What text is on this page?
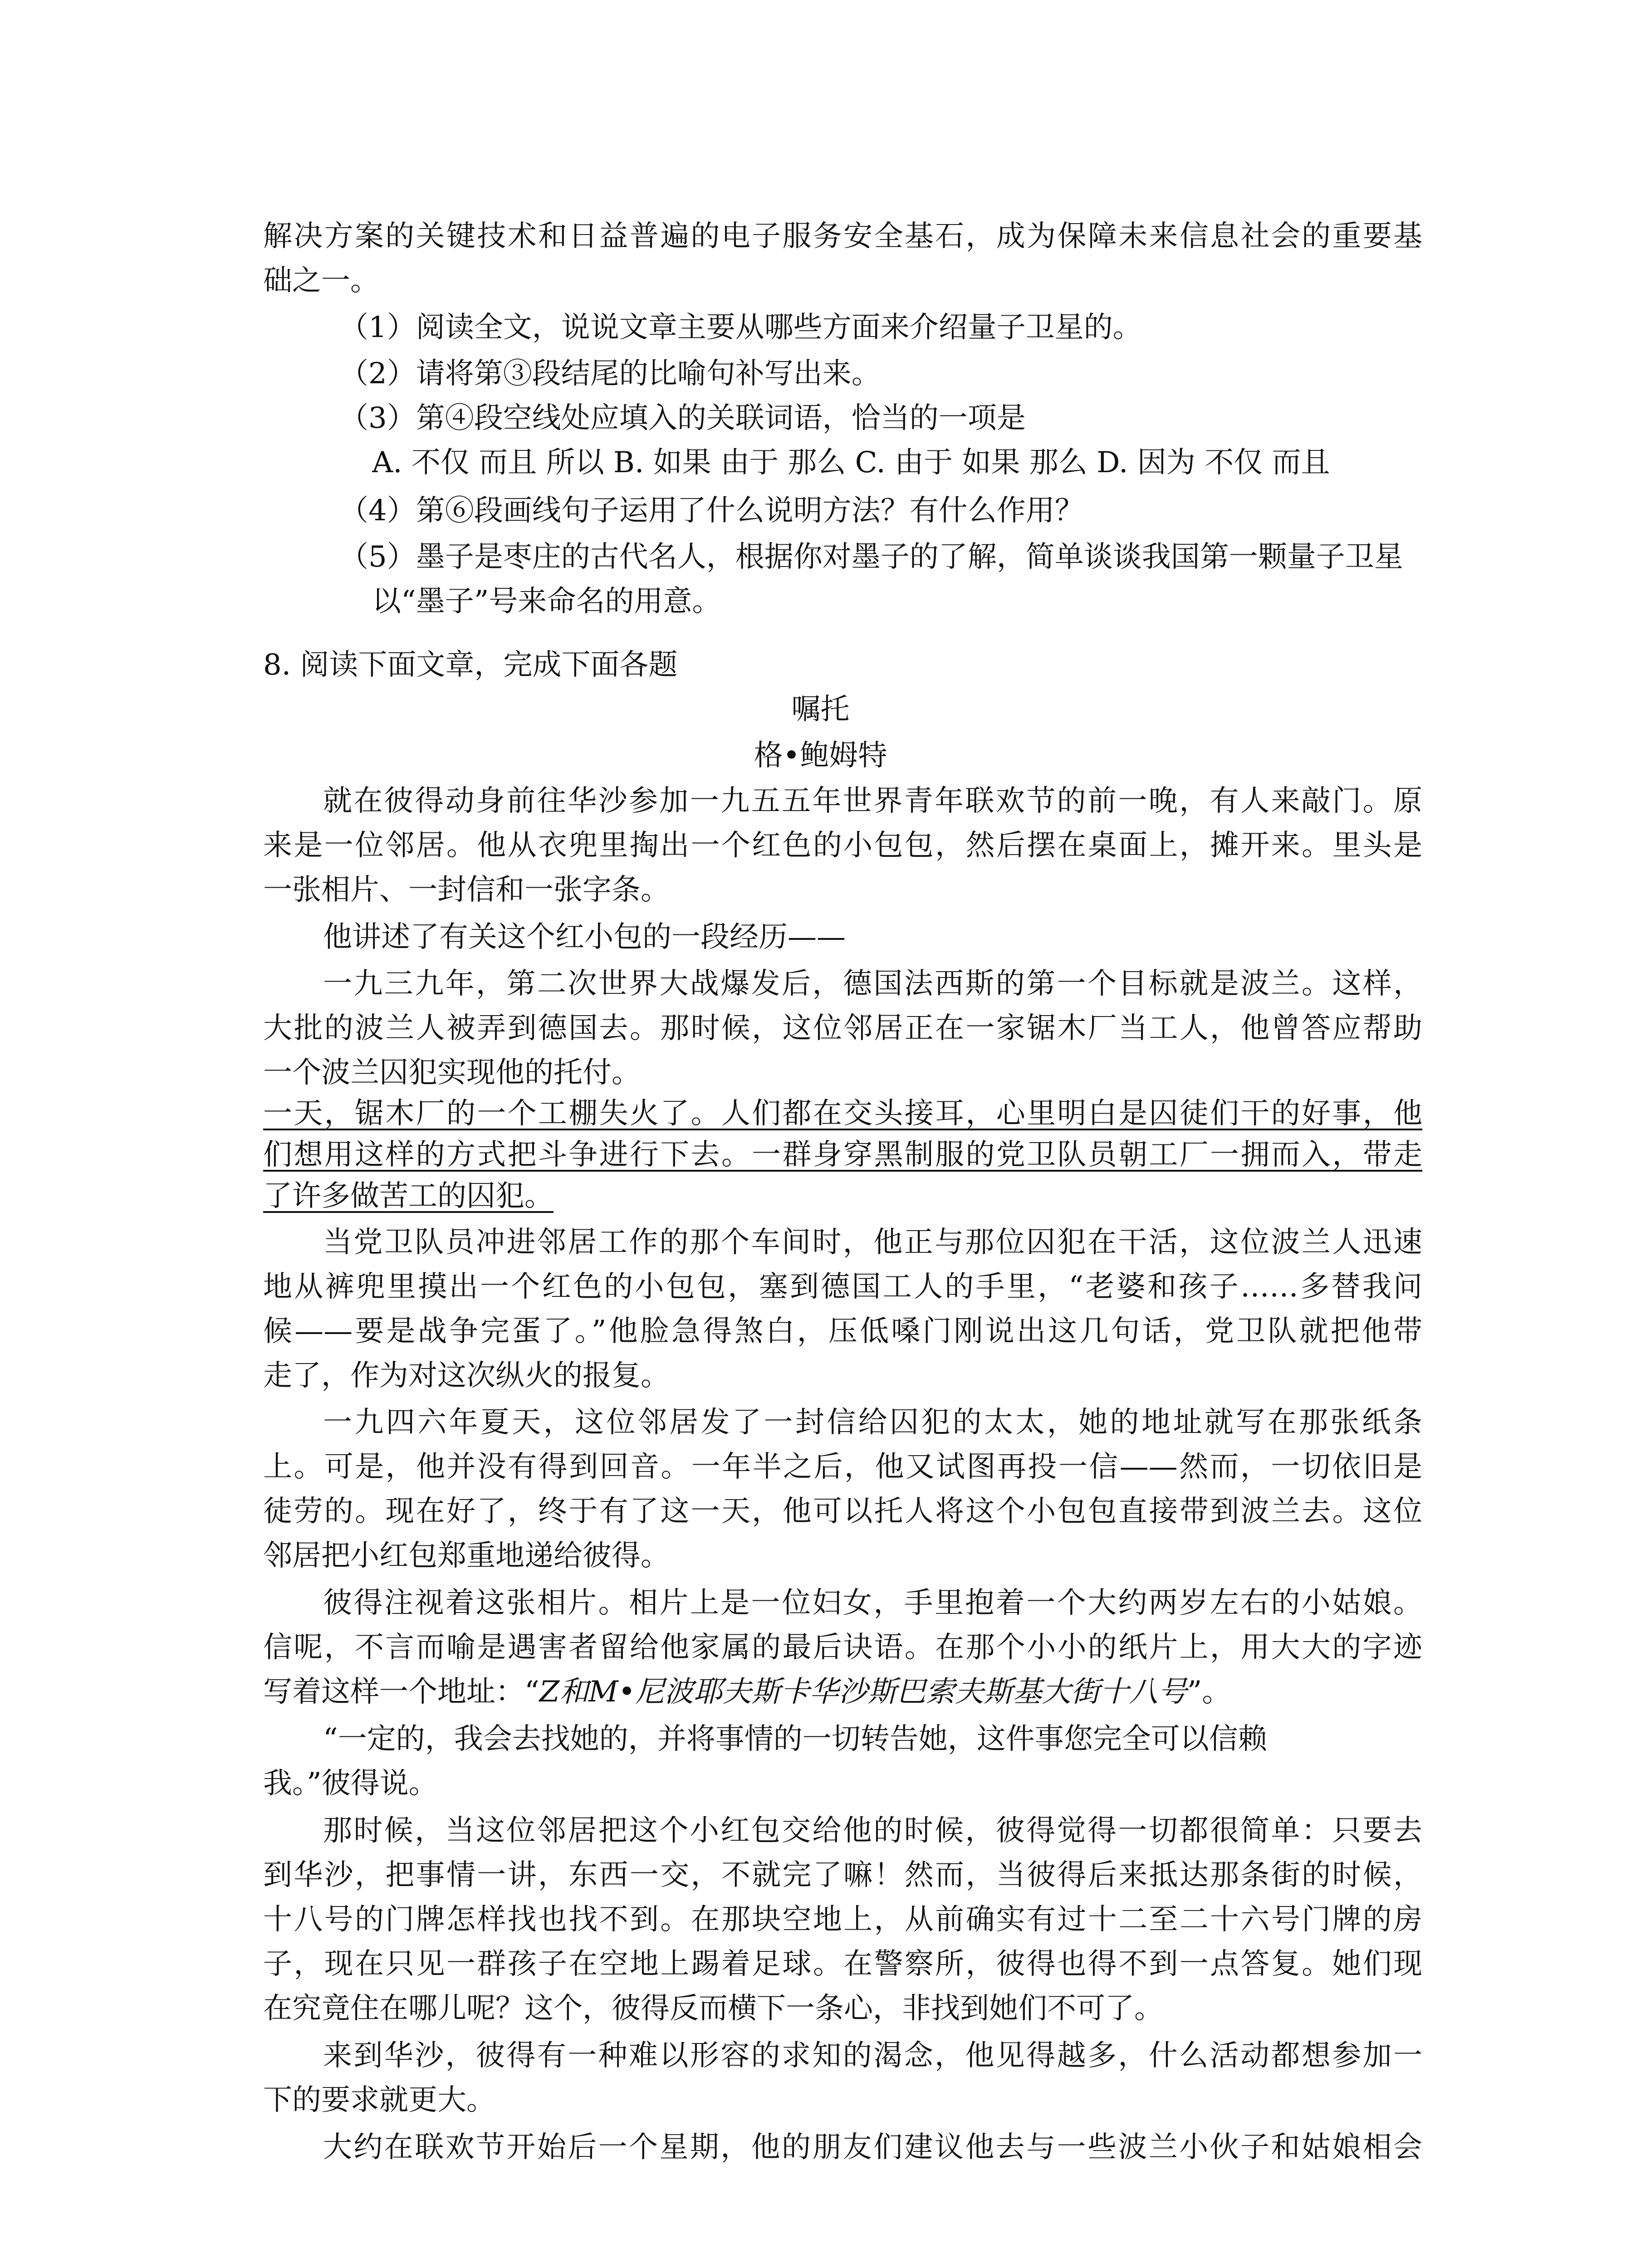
解决方案的关键技术和日益普遍的电子服务安全基石，成为保障未来信息社会的重要基
础之一。
（1）阅读全文，说说文章主要从哪些方面来介绍量子卫星的。
（2）请将第③段结尾的比喻句补写出来。
（3）第④段空线处应填入的关联词语，恰当的一项是
A. 不仅 而且 所以 B. 如果 由于 那么 C. 由于 如果 那么 D. 因为 不仅 而且
（4）第⑥段画线句子运用了什么说明方法？有什么作用？
（5）墨子是枣庄的古代名人，根据你对墨子的了解，简单谈谈我国第一颗量子卫星
以“墨子”号来命名的用意。
8. 阅读下面文章，完成下面各题
嘱托
格•鲍姆特
就在彼得动身前往华沙参加一九五五年世界青年联欢节的前一晚，有人来敲门。原
来是一位邻居。他从衣兜里掏出一个红色的小包包，然后摆在桌面上，摊开来。里头是
一张相片、一封信和一张字条。
他讲述了有关这个红小包的一段经历——
一九三九年，第二次世界大战爆发后，德国法西斯的第一个目标就是波兰。这样，
大批的波兰人被弄到德国去。那时候，这位邻居正在一家锯木厂当工人，他曾答应帮助
一个波兰囚犯实现他的托付。
一天，锯木厂的一个工棚失火了。人们都在交头接耳，心里明白是囚徒们干的好事，他
们想用这样的方式把斗争进行下去。一群身穿黑制服的党卫队员朝工厂一拥而入，带走
了许多做苦工的囚犯。
当党卫队员冲进邻居工作的那个车间时，他正与那位囚犯在干活，这位波兰人迅速
地从裤兜里摸出一个红色的小包包，塞到德国工人的手里，“老婆和孩子……多替我问
候——要是战争完蛋了。”他脸急得煞白，压低嗓门刚说出这几句话，党卫队就把他带
走了，作为对这次纵火的报复。
一九四六年夏天，这位邻居发了一封信给囚犯的太太，她的地址就写在那张纸条
上。可是，他并没有得到回音。一年半之后，他又试图再投一信——然而，一切依旧是
徒劳的。现在好了，终于有了这一天，他可以托人将这个小包包直接带到波兰去。这位
邻居把小红包郑重地递给彼得。
彼得注视着这张相片。相片上是一位妇女，手里抱着一个大约两岁左右的小姑娘。
信呢，不言而喻是遇害者留给他家属的最后诀语。在那个小小的纸片上，用大大的字迹
写着这样一个地址：“Z和M•尼波耶夫斯卡华沙斯巴索夫斯基大街十八号”。
“一定的，我会去找她的，并将事情的一切转告她，这件事您完全可以信赖
我。”彼得说。
那时候，当这位邻居把这个小红包交给他的时候，彼得觉得一切都很简单：只要去
到华沙，把事情一讲，东西一交，不就完了嘛！然而，当彼得后来抵达那条街的时候，
十八号的门牌怎样找也找不到。在那块空地上，从前确实有过十二至二十六号门牌的房
子，现在只见一群孩子在空地上踢着足球。在警察所，彼得也得不到一点答复。她们现
在究竟住在哪儿呢？这个，彼得反而横下一条心，非找到她们不可了。
来到华沙，彼得有一种难以形容的求知的渴念，他见得越多，什么活动都想参加一
下的要求就更大。
大约在联欢节开始后一个星期，他的朋友们建议他去与一些波兰小伙子和姑娘相会
